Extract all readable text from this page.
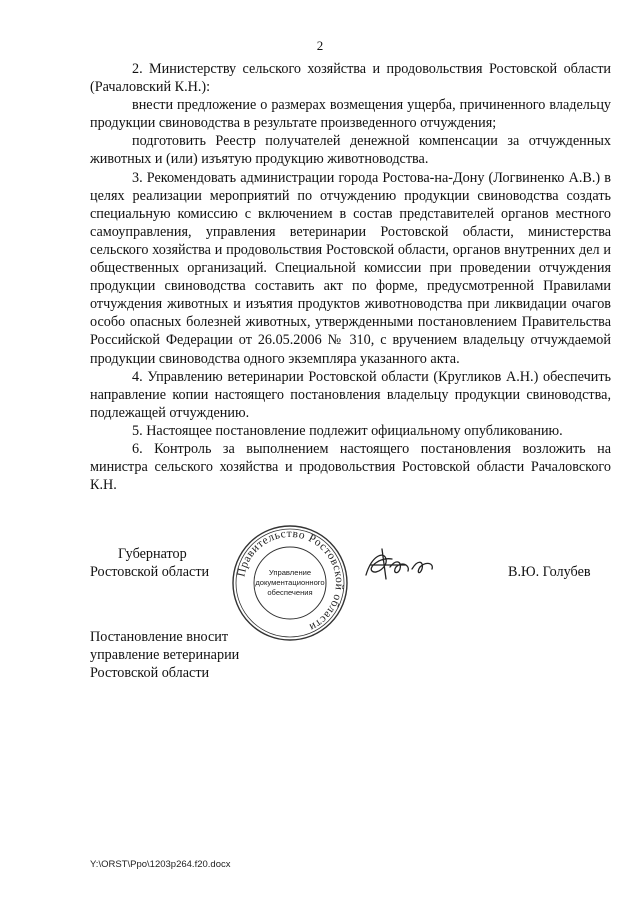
2

2. Министерству сельского хозяйства и продовольствия Ростовской области (Рачаловский К.Н.):

внести предложение о размерах возмещения ущерба, причиненного владельцу продукции свиноводства в результате произведенного отчуждения;

подготовить Реестр получателей денежной компенсации за отчужденных животных и (или) изъятую продукцию животноводства.

3. Рекомендовать администрации города Ростова-на-Дону (Логвиненко А.В.) в целях реализации мероприятий по отчуждению продукции свиноводства создать специальную комиссию с включением в состав представителей органов местного самоуправления, управления ветеринарии Ростовской области, министерства сельского хозяйства и продовольствия Ростовской области, органов внутренних дел и общественных организаций. Специальной комиссии при проведении отчуждения продукции свиноводства составить акт по форме, предусмотренной Правилами отчуждения животных и изъятия продуктов животноводства при ликвидации очагов особо опасных болезней животных, утвержденными постановлением Правительства Российской Федерации от 26.05.2006 № 310, с вручением владельцу отчуждаемой продукции свиноводства одного экземпляра указанного акта.

4. Управлению ветеринарии Ростовской области (Кругликов А.Н.) обеспечить направление копии настоящего постановления владельцу продукции свиноводства, подлежащей отчуждению.

5. Настоящее постановление подлежит официальному опубликованию.

6. Контроль за выполнением настоящего постановления возложить на министра сельского хозяйства и продовольствия Ростовской области Рачаловского К.Н.

Губернатор
Ростовской области Правительство Ростовской области
Управление
документационного
обеспечения
В.Ю. Голубев
Постановление вносит
управление ветеринарии
Ростовской области
Y:\ORST\Ppo\1203p264.f20.docx
